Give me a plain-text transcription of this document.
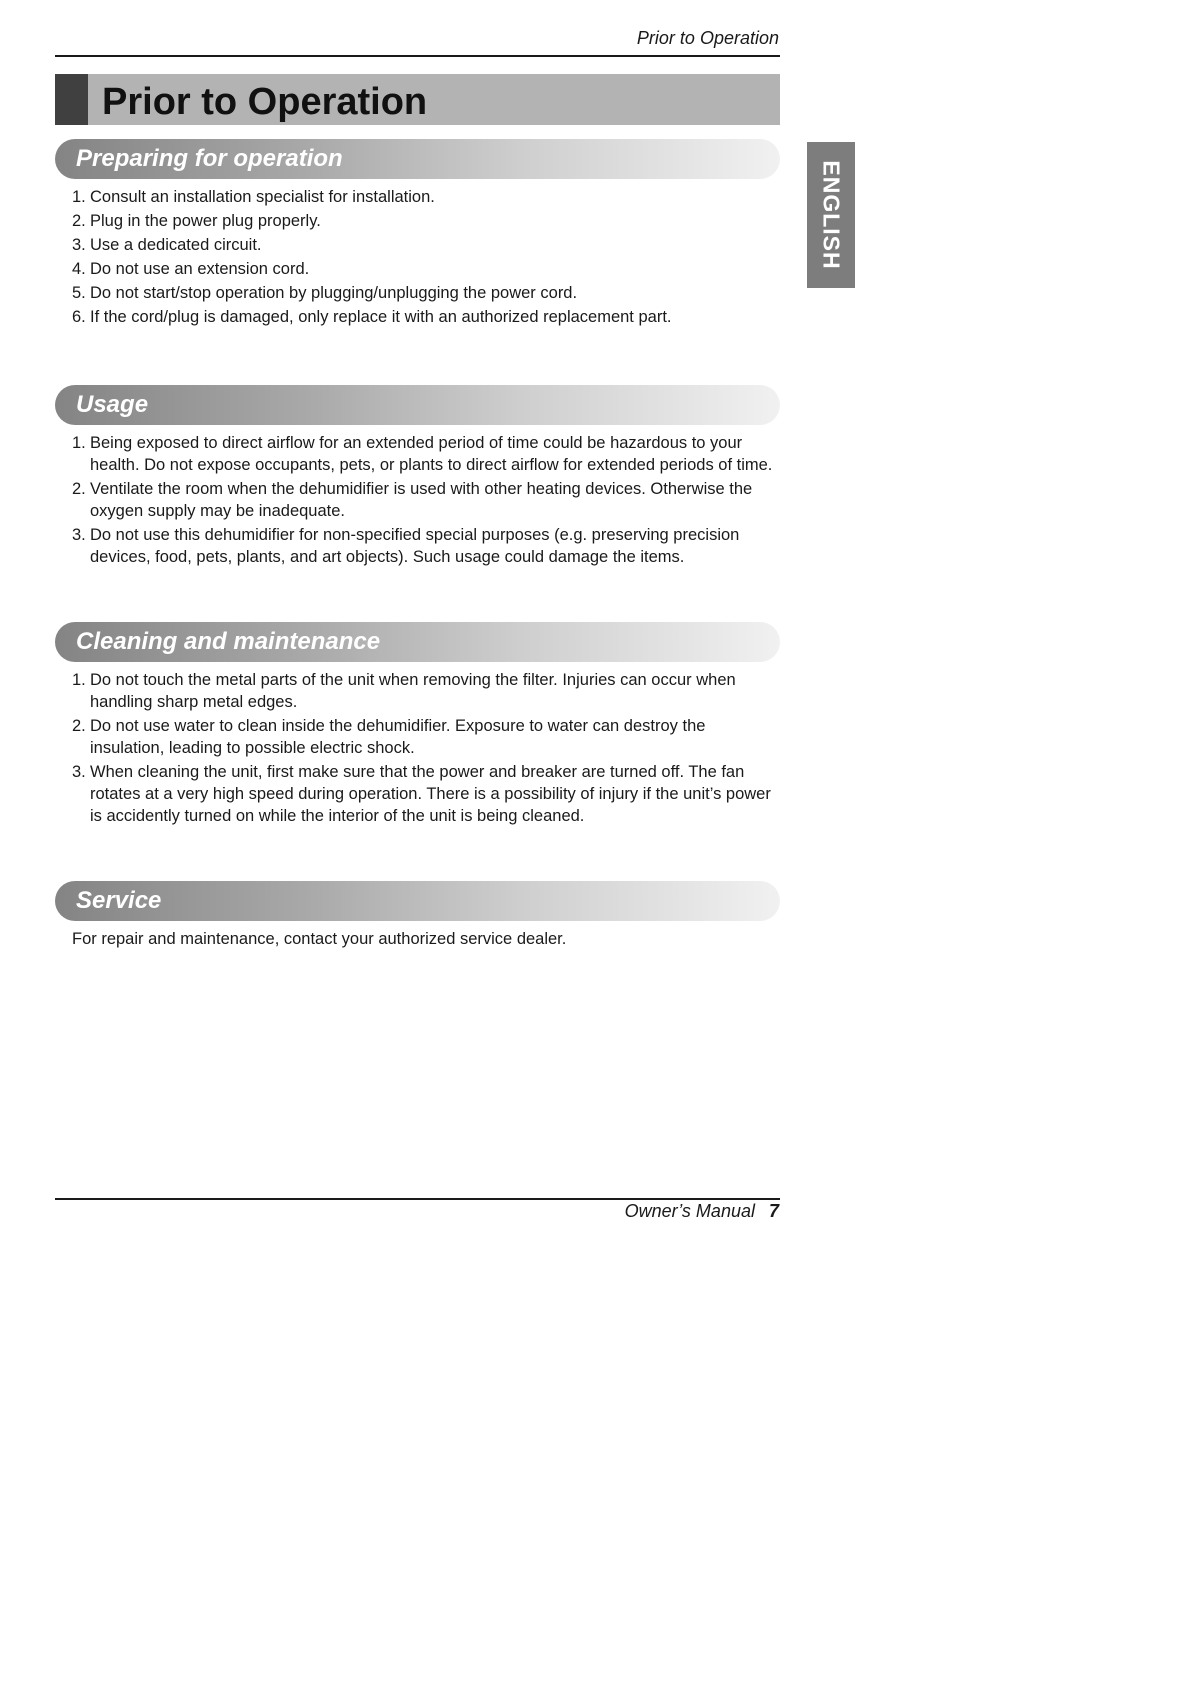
Prior to Operation
Prior to Operation
ENGLISH
Preparing for operation
1. Consult an installation specialist for installation.
2. Plug in the power plug properly.
3. Use a dedicated circuit.
4. Do not use an extension cord.
5. Do not start/stop operation by plugging/unplugging the power cord.
6. If the cord/plug is damaged, only replace it with an authorized replacement part.
Usage
1. Being exposed to direct airflow for an extended period of time could be hazardous to your health. Do not expose occupants, pets, or plants to direct airflow for extended periods of time.
2. Ventilate the room when the dehumidifier is used with other heating devices. Otherwise the oxygen supply may be inadequate.
3. Do not use this dehumidifier for non-specified special purposes (e.g. preserving precision devices, food, pets, plants, and art objects). Such usage could damage the items.
Cleaning and maintenance
1. Do not touch the metal parts of the unit when removing the filter. Injuries can occur when handling sharp metal edges.
2. Do not use water to clean inside the dehumidifier. Exposure to water can destroy the insulation, leading to possible electric shock.
3. When cleaning the unit, first make sure that the power and breaker are turned off. The fan rotates at a very high speed during operation. There is a possibility of injury if the unit’s power is accidently turned on while the interior of the unit is being cleaned.
Service
For repair and maintenance, contact your authorized service dealer.
Owner’s Manual 7
